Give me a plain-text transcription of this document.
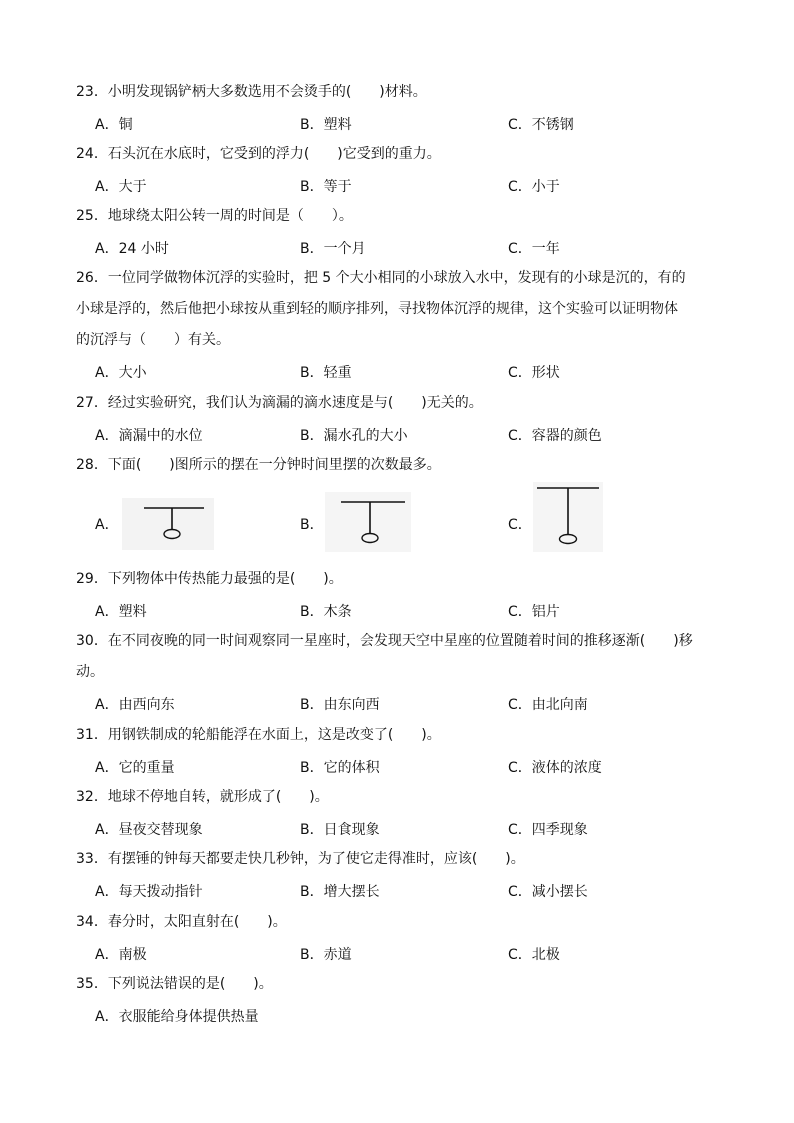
23．小明发现锅铲柄大多数选用不会烫手的(　　)材料。
A．铜	B．塑料	C．不锈钢
24．石头沉在水底时，它受到的浮力(　　)它受到的重力。
A．大于	B．等于	C．小于
25．地球绕太阳公转一周的时间是（　　）。
A．24 小时	B．一个月	C．一年
26．一位同学做物体沉浮的实验时，把 5 个大小相同的小球放入水中，发现有的小球是沉的，有的
小球是浮的，然后他把小球按从重到轻的顺序排列，寻找物体沉浮的规律，这个实验可以证明物体
的沉浮与（　　）有关。
A．大小	B．轻重	C．形状
27．经过实验研究，我们认为滴漏的滴水速度是与(　　)无关的。
A．滴漏中的水位	B．漏水孔的大小	C．容器的颜色
28．下面(　　)图所示的摆在一分钟时间里摆的次数最多。
A．	B．	C．
29．下列物体中传热能力最强的是(　　)。
A．塑料	B．木条	C．铝片
30．在不同夜晚的同一时间观察同一星座时，会发现天空中星座的位置随着时间的推移逐渐(　　)移
动。
A．由西向东	B．由东向西	C．由北向南
31．用钢铁制成的轮船能浮在水面上，这是改变了(　　)。
A．它的重量	B．它的体积	C．液体的浓度
32．地球不停地自转，就形成了(　　)。
A．昼夜交替现象	B．日食现象	C．四季现象
33．有摆锤的钟每天都要走快几秒钟，为了使它走得准时，应该(　　)。
A．每天拨动指针	B．增大摆长	C．减小摆长
34．春分时，太阳直射在(　　)。
A．南极	B．赤道	C．北极
35．下列说法错误的是(　　)。
A．衣服能给身体提供热量
